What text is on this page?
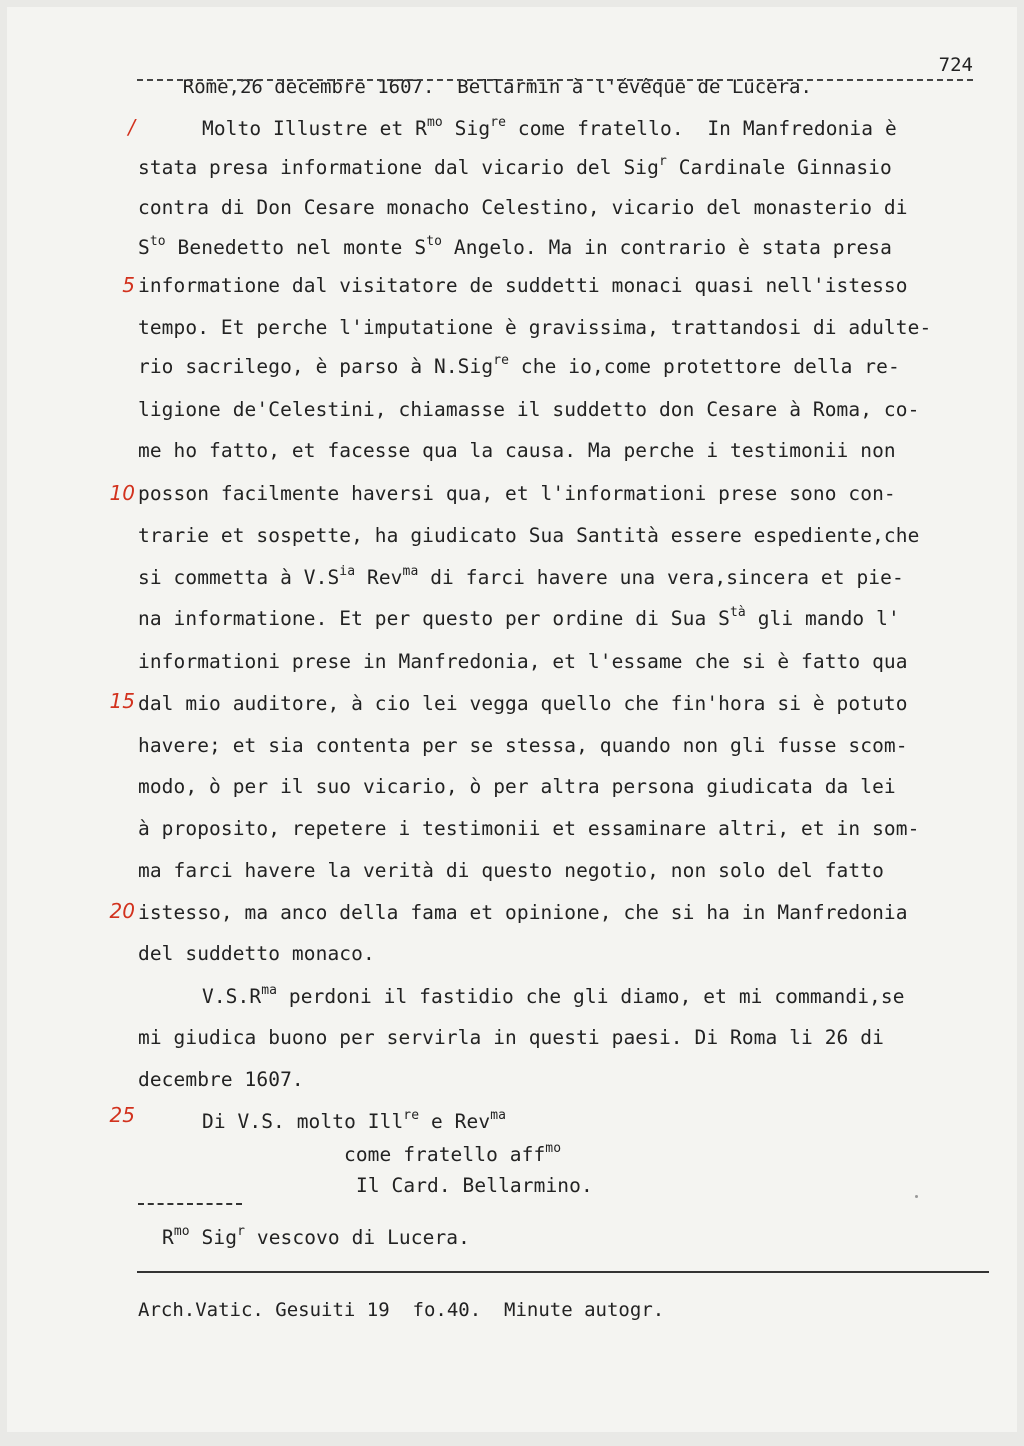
Rome,26 decembre 1607.  Bellarmin à l'évêque de Lucera.

724

/
5
10
15
20
25
Molto Illustre et $R^{mo}$ Sig$^{re}$ come fratello.  In Manfredonia è
stata presa informatione dal vicario del Sig$^r$ Cardinale Ginnasio
contra di Don Cesare monacho Celestino, vicario del monasterio di
$S^{to}$ Benedetto nel monte $S^{to}$ Angelo. Ma in contrario è stata presa
informatione dal visitatore de suddetti monaci quasi nell'istesso
tempo. Et perche l'imputatione è gravissima, trattandosi di adulte-
rio sacrilego, è parso à N.Sig$^{re}$ che io,come protettore della re-
ligione de'Celestini, chiamasse il suddetto don Cesare à Roma, co-
me ho fatto, et facesse qua la causa. Ma perche i testimonii non
posson facilmente haversi qua, et l'informationi prese sono con-
trarie et sospette, ha giudicato Sua Santità essere espediente,che
si commetta à $V.S^{ia}$ Rev$^{ma}$ di farci havere una vera,sincera et pie-
na informatione. Et per questo per ordine di Sua $S^{tà}$ gli mando l'
informationi prese in Manfredonia, et l'essame che si è fatto qua
dal mio auditore, à cio lei vegga quello che fin'hora si è potuto
havere; et sia contenta per se stessa, quando non gli fusse scom-
modo, ò per il suo vicario, ò per altra persona giudicata da lei
à proposito, repetere i testimonii et essaminare altri, et in som-
ma farci havere la verità di questo negotio, non solo del fatto
istesso, ma anco della fama et opinione, che si ha in Manfredonia
del suddetto monaco.
$V.S.R^{ma}$ perdoni il fastidio che gli diamo, et mi commandi,se
mi giudica buono per servirla in questi paesi. Di Roma li 26 di
decembre 1607.
Di V.S. molto Ill$^{re}$ e Rev$^{ma}$
come fratello aff$^{mo}$
Il Card. Bellarmino.
$R^{mo}$ Sig$^r$ vescovo di Lucera.
Arch.Vatic. Gesuiti 19  fo.40.  Minute autogr.
